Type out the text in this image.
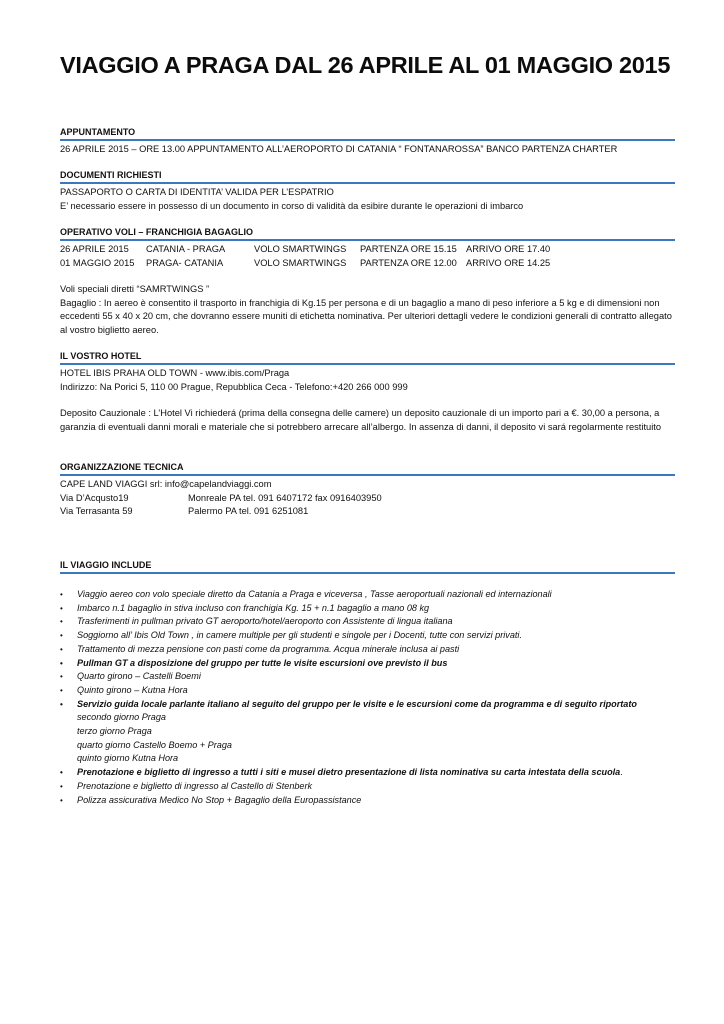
VIAGGIO A PRAGA DAL 26 APRILE AL 01 MAGGIO 2015
APPUNTAMENTO
26 APRILE 2015 – ORE 13.00 APPUNTAMENTO ALL’AEROPORTO DI CATANIA “ FONTANAROSSA” BANCO PARTENZA CHARTER
DOCUMENTI RICHIESTI
PASSAPORTO O CARTA DI IDENTITA’ VALIDA PER L’ESPATRIO
E’ necessario essere in possesso di un documento in corso di validità da esibire durante le operazioni di imbarco
OPERATIVO VOLI – FRANCHIGIA BAGAGLIO
26 APRILE 2015	CATANIA - PRAGA	VOLO SMARTWINGS	PARTENZA ORE 15.15 ARRIVO ORE 17.40
01 MAGGIO 2015	PRAGA- CATANIA	VOLO SMARTWINGS	PARTENZA ORE 12.00 ARRIVO ORE 14.25
Voli speciali diretti “SAMRTWINGS ”
Bagaglio : In aereo è consentito il trasporto in franchigia di Kg.15 per persona e di un bagaglio a mano di peso inferiore a 5 kg e di dimensioni non eccedenti 55 x 40 x 20 cm, che dovranno essere muniti di etichetta nominativa. Per ulteriori dettagli vedere le condizioni generali di contratto allegato al vostro biglietto aereo.
IL VOSTRO HOTEL
HOTEL IBIS PRAHA OLD TOWN - www.ibis.com/Praga
Indirizzo: Na Porici 5, 110 00 Prague, Repubblica Ceca - Telefono:+420 266 000 999
Deposito Cauzionale : L’Hotel Vi richiederá (prima della consegna delle camere) un deposito cauzionale di un importo pari a €. 30,00 a persona, a garanzia di eventuali danni morali e materiale che si potrebbero arrecare all’albergo. In assenza di danni, il deposito vi sará regolarmente restituito
ORGANIZZAZIONE TECNICA
CAPE LAND VIAGGI srl: info@capelandviaggi.com
Via D’Acqusto19	Monreale PA tel. 091 6407172 fax 0916403950
Via Terrasanta 59	Palermo PA tel. 091 6251081
IL VIAGGIO INCLUDE
• Viaggio aereo con volo speciale diretto da Catania a Praga e viceversa , Tasse aeroportuali nazionali ed internazionali
• Imbarco n.1 bagaglio in stiva incluso con franchigia Kg. 15 + n.1 bagaglio a mano 08 kg
• Trasferimenti in pullman privato GT aeroporto/hotel/aeroporto con Assistente di lingua italiana
• Soggiorno all’ Ibis Old Town , in camere multiple per gli studenti e singole per i Docenti, tutte con servizi privati.
• Trattamento di mezza pensione con pasti come da programma. Acqua minerale inclusa ai pasti
• Pullman GT a disposizione del gruppo per tutte le visite escursioni ove previsto il bus
• Quarto girono – Castelli Boemi
• Quinto girono – Kutna Hora
• Servizio guida locale parlante italiano al seguito del gruppo per le visite e le escursioni come da programma e di seguito riportato
secondo giorno Praga
terzo giorno Praga
quarto giorno Castello Boemo + Praga
quinto giorno Kutna Hora
• Prenotazione e biglietto di ingresso a tutti i siti e musei dietro presentazione di lista nominativa su carta intestata della scuola.
• Prenotazione e biglietto di ingresso al Castello di Stenberk
• Polizza assicurativa Medico No Stop + Bagaglio della Europassistance
